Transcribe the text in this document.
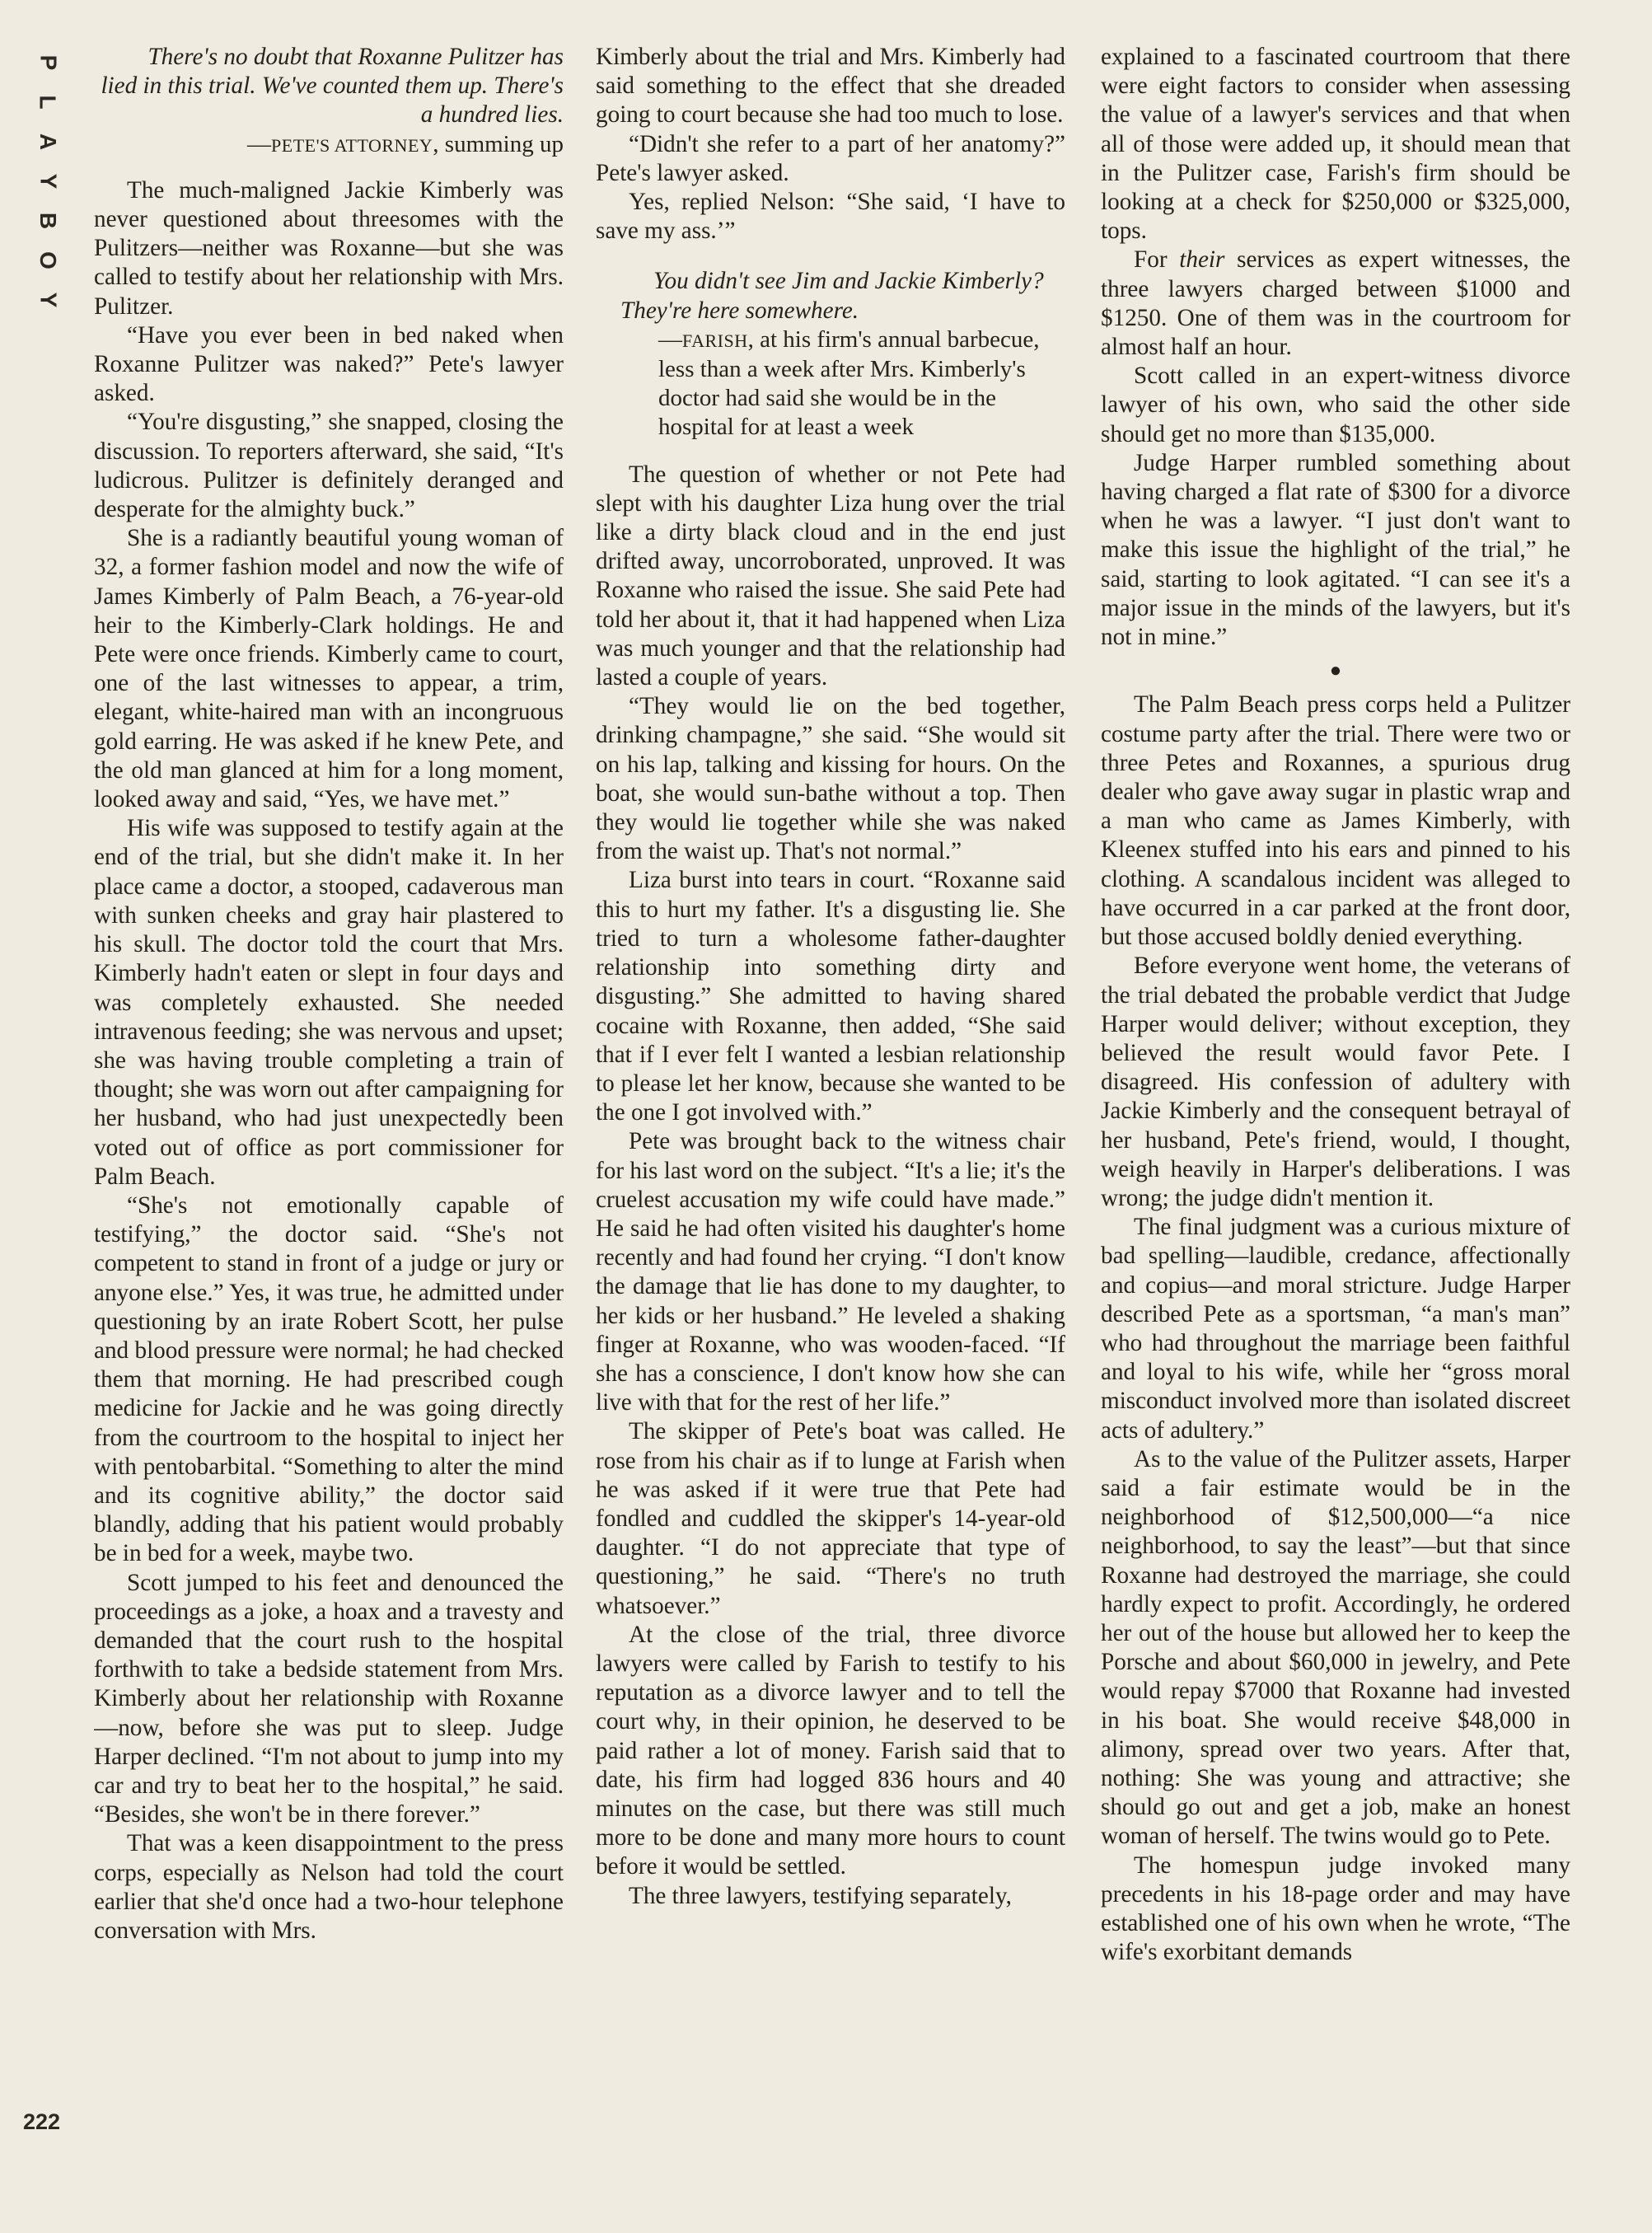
P
L
A
Y
B
O
Y
222

There's no doubt that Roxanne Pulitzer has lied in this trial. We've counted them up. There's a hundred lies.

—PETE'S ATTORNEY, summing up

The much-maligned Jackie Kimberly was never questioned about threesomes with the Pulitzers—neither was Roxanne—but she was called to testify about her relationship with Mrs. Pulitzer.

“Have you ever been in bed naked when Roxanne Pulitzer was naked?” Pete's lawyer asked.

“You're disgusting,” she snapped, closing the discussion. To reporters afterward, she said, “It's ludicrous. Pulitzer is definitely deranged and desperate for the almighty buck.”

She is a radiantly beautiful young woman of 32, a former fashion model and now the wife of James Kimberly of Palm Beach, a 76-year-old heir to the Kimberly-Clark holdings. He and Pete were once friends. Kimberly came to court, one of the last witnesses to appear, a trim, elegant, white-haired man with an incongruous gold earring. He was asked if he knew Pete, and the old man glanced at him for a long moment, looked away and said, “Yes, we have met.”

His wife was supposed to testify again at the end of the trial, but she didn't make it. In her place came a doctor, a stooped, cadaverous man with sunken cheeks and gray hair plastered to his skull. The doctor told the court that Mrs. Kimberly hadn't eaten or slept in four days and was completely exhausted. She needed intravenous feeding; she was nervous and upset; she was having trouble completing a train of thought; she was worn out after campaigning for her husband, who had just unexpectedly been voted out of office as port commissioner for Palm Beach.

“She's not emotionally capable of testifying,” the doctor said. “She's not competent to stand in front of a judge or jury or anyone else.” Yes, it was true, he admitted under questioning by an irate Robert Scott, her pulse and blood pressure were normal; he had checked them that morning. He had prescribed cough medicine for Jackie and he was going directly from the courtroom to the hospital to inject her with pentobarbital. “Something to alter the mind and its cognitive ability,” the doctor said blandly, adding that his patient would probably be in bed for a week, maybe two.

Scott jumped to his feet and denounced the proceedings as a joke, a hoax and a travesty and demanded that the court rush to the hospital forthwith to take a bedside statement from Mrs. Kimberly about her relationship with Roxanne—now, before she was put to sleep. Judge Harper declined. “I'm not about to jump into my car and try to beat her to the hospital,” he said. “Besides, she won't be in there forever.”

That was a keen disappointment to the press corps, especially as Nelson had told the court earlier that she'd once had a two-hour telephone conversation with Mrs.

Kimberly about the trial and Mrs. Kimberly had said something to the effect that she dreaded going to court because she had too much to lose.

“Didn't she refer to a part of her anatomy?” Pete's lawyer asked.

Yes, replied Nelson: “She said, ‘I have to save my ass.’”

You didn't see Jim and Jackie Kimberly? They're here somewhere.

—FARISH, at his firm's annual barbecue, less than a week after Mrs. Kimberly's doctor had said she would be in the hospital for at least a week

The question of whether or not Pete had slept with his daughter Liza hung over the trial like a dirty black cloud and in the end just drifted away, uncorroborated, unproved. It was Roxanne who raised the issue. She said Pete had told her about it, that it had happened when Liza was much younger and that the relationship had lasted a couple of years.

“They would lie on the bed together, drinking champagne,” she said. “She would sit on his lap, talking and kissing for hours. On the boat, she would sun-bathe without a top. Then they would lie together while she was naked from the waist up. That's not normal.”

Liza burst into tears in court. “Roxanne said this to hurt my father. It's a disgusting lie. She tried to turn a wholesome father-daughter relationship into something dirty and disgusting.” She admitted to having shared cocaine with Roxanne, then added, “She said that if I ever felt I wanted a lesbian relationship to please let her know, because she wanted to be the one I got involved with.”

Pete was brought back to the witness chair for his last word on the subject. “It's a lie; it's the cruelest accusation my wife could have made.” He said he had often visited his daughter's home recently and had found her crying. “I don't know the damage that lie has done to my daughter, to her kids or her husband.” He leveled a shaking finger at Roxanne, who was wooden-faced. “If she has a conscience, I don't know how she can live with that for the rest of her life.”

The skipper of Pete's boat was called. He rose from his chair as if to lunge at Farish when he was asked if it were true that Pete had fondled and cuddled the skipper's 14-year-old daughter. “I do not appreciate that type of questioning,” he said. “There's no truth whatsoever.”

At the close of the trial, three divorce lawyers were called by Farish to testify to his reputation as a divorce lawyer and to tell the court why, in their opinion, he deserved to be paid rather a lot of money. Farish said that to date, his firm had logged 836 hours and 40 minutes on the case, but there was still much more to be done and many more hours to count before it would be settled.

The three lawyers, testifying separately,

explained to a fascinated courtroom that there were eight factors to consider when assessing the value of a lawyer's services and that when all of those were added up, it should mean that in the Pulitzer case, Farish's firm should be looking at a check for $250,000 or $325,000, tops.

For their services as expert witnesses, the three lawyers charged between $1000 and $1250. One of them was in the courtroom for almost half an hour.

Scott called in an expert-witness divorce lawyer of his own, who said the other side should get no more than $135,000.

Judge Harper rumbled something about having charged a flat rate of $300 for a divorce when he was a lawyer. “I just don't want to make this issue the highlight of the trial,” he said, starting to look agitated. “I can see it's a major issue in the minds of the lawyers, but it's not in mine.”

●

The Palm Beach press corps held a Pulitzer costume party after the trial. There were two or three Petes and Roxannes, a spurious drug dealer who gave away sugar in plastic wrap and a man who came as James Kimberly, with Kleenex stuffed into his ears and pinned to his clothing. A scandalous incident was alleged to have occurred in a car parked at the front door, but those accused boldly denied everything.

Before everyone went home, the veterans of the trial debated the probable verdict that Judge Harper would deliver; without exception, they believed the result would favor Pete. I disagreed. His confession of adultery with Jackie Kimberly and the consequent betrayal of her husband, Pete's friend, would, I thought, weigh heavily in Harper's deliberations. I was wrong; the judge didn't mention it.

The final judgment was a curious mixture of bad spelling—laudible, credance, affectionally and copius—and moral stricture. Judge Harper described Pete as a sportsman, “a man's man” who had throughout the marriage been faithful and loyal to his wife, while her “gross moral misconduct involved more than isolated discreet acts of adultery.”

As to the value of the Pulitzer assets, Harper said a fair estimate would be in the neighborhood of $12,500,000—“a nice neighborhood, to say the least”—but that since Roxanne had destroyed the marriage, she could hardly expect to profit. Accordingly, he ordered her out of the house but allowed her to keep the Porsche and about $60,000 in jewelry, and Pete would repay $7000 that Roxanne had invested in his boat. She would receive $48,000 in alimony, spread over two years. After that, nothing: She was young and attractive; she should go out and get a job, make an honest woman of herself. The twins would go to Pete.

The homespun judge invoked many precedents in his 18-page order and may have established one of his own when he wrote, “The wife's exorbitant demands
